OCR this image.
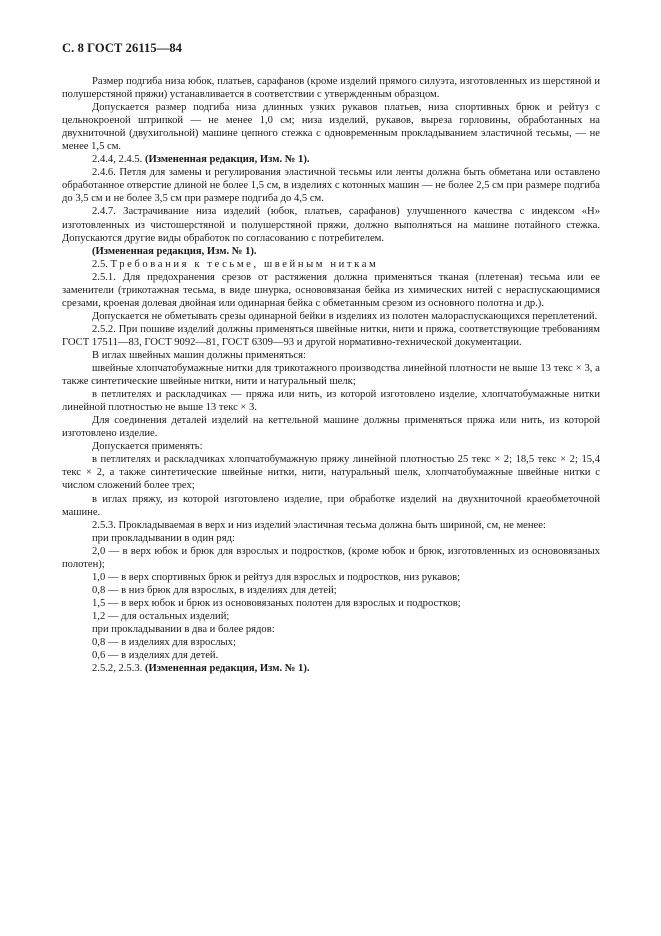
С. 8 ГОСТ 26115—84

Размер подгиба низа юбок, платьев, сарафанов (кроме изделий прямого силуэта, изготовленных из шерстяной и полушерстяной пряжи) устанавливается в соответствии с утвержденным образцом.

Допускается размер подгиба низа длинных узких рукавов платьев, низа спортивных брюк и рейтуз с цельнокроеной штрипкой — не менее 1,0 см; низа изделий, рукавов, выреза горловины, обработанных на двухниточной (двухигольной) машине цепного стежка с одновременным прокладыванием эластичной тесьмы, — не менее 1,5 см.

2.4.4, 2.4.5. (Измененная редакция, Изм. № 1).

2.4.6. Петля для замены и регулирования эластичной тесьмы или ленты должна быть обметана или оставлено обработанное отверстие длиной не более 1,5 см, в изделиях с котонных машин — не более 2,5 см при размере подгиба до 3,5 см и не более 3,5 см при размере подгиба до 4,5 см.

2.4.7. Застрачивание низа изделий (юбок, платьев, сарафанов) улучшенного качества с индексом «Н» изготовленных из чистошерстяной и полушерстяной пряжи, должно выполняться на машине потайного стежка. Допускаются другие виды обработок по согласованию с потребителем.

(Измененная редакция, Изм. № 1).

2.5. Требования к тесьме, швейным ниткам

2.5.1. Для предохранения срезов от растяжения должна применяться тканая (плетеная) тесьма или ее заменители (трикотажная тесьма, в виде шнурка, основовязаная бейка из химических нитей с нераспускающимися срезами, кроеная долевая двойная или одинарная бейка с обметанным срезом из основного полотна и др.).

Допускается не обметывать срезы одинарной бейки в изделиях из полотен малораспускающихся переплетений.

2.5.2. При пошиве изделий должны применяться швейные нитки, нити и пряжа, соответствующие требованиям ГОСТ 17511—83, ГОСТ 9092—81, ГОСТ 6309—93 и другой нормативно-технической документации.

В иглах швейных машин должны применяться:

швейные хлопчатобумажные нитки для трикотажного производства линейной плотности не выше 13 текс × 3, а также синтетические швейные нитки, нити и натуральный шелк;

в петлителях и раскладчиках — пряжа или нить, из которой изготовлено изделие, хлопчатобумажные нитки линейной плотностью не выше 13 текс × 3.

Для соединения деталей изделий на кеттельной машине должны применяться пряжа или нить, из которой изготовлено изделие.

Допускается применять:

в петлителях и раскладчиках хлопчатобумажную пряжу линейной плотностью 25 текс × 2; 18,5 текс × 2; 15,4 текс × 2, а также синтетические швейные нитки, нити, натуральный шелк, хлопчатобумажные швейные нитки с числом сложений более трех;

в иглах пряжу, из которой изготовлено изделие, при обработке изделий на двухниточной краеобметочной машине.

2.5.3. Прокладываемая в верх и низ изделий эластичная тесьма должна быть шириной, см, не менее:

при прокладывании в один ряд:

2,0 — в верх юбок и брюк для взрослых и подростков, (кроме юбок и брюк, изготовленных из основовязаных полотен);

1,0 — в верх спортивных брюк и рейтуз для взрослых и подростков, низ рукавов;

0,8 — в низ брюк для взрослых, в изделиях для детей;

1,5 — в верх юбок и брюк из основовязаных полотен для взрослых и подростков;

1,2 — для остальных изделий;

при прокладывании в два и более рядов:

0,8 — в изделиях для взрослых;

0,6 — в изделиях для детей.

2.5.2, 2.5.3. (Измененная редакция, Изм. № 1).
